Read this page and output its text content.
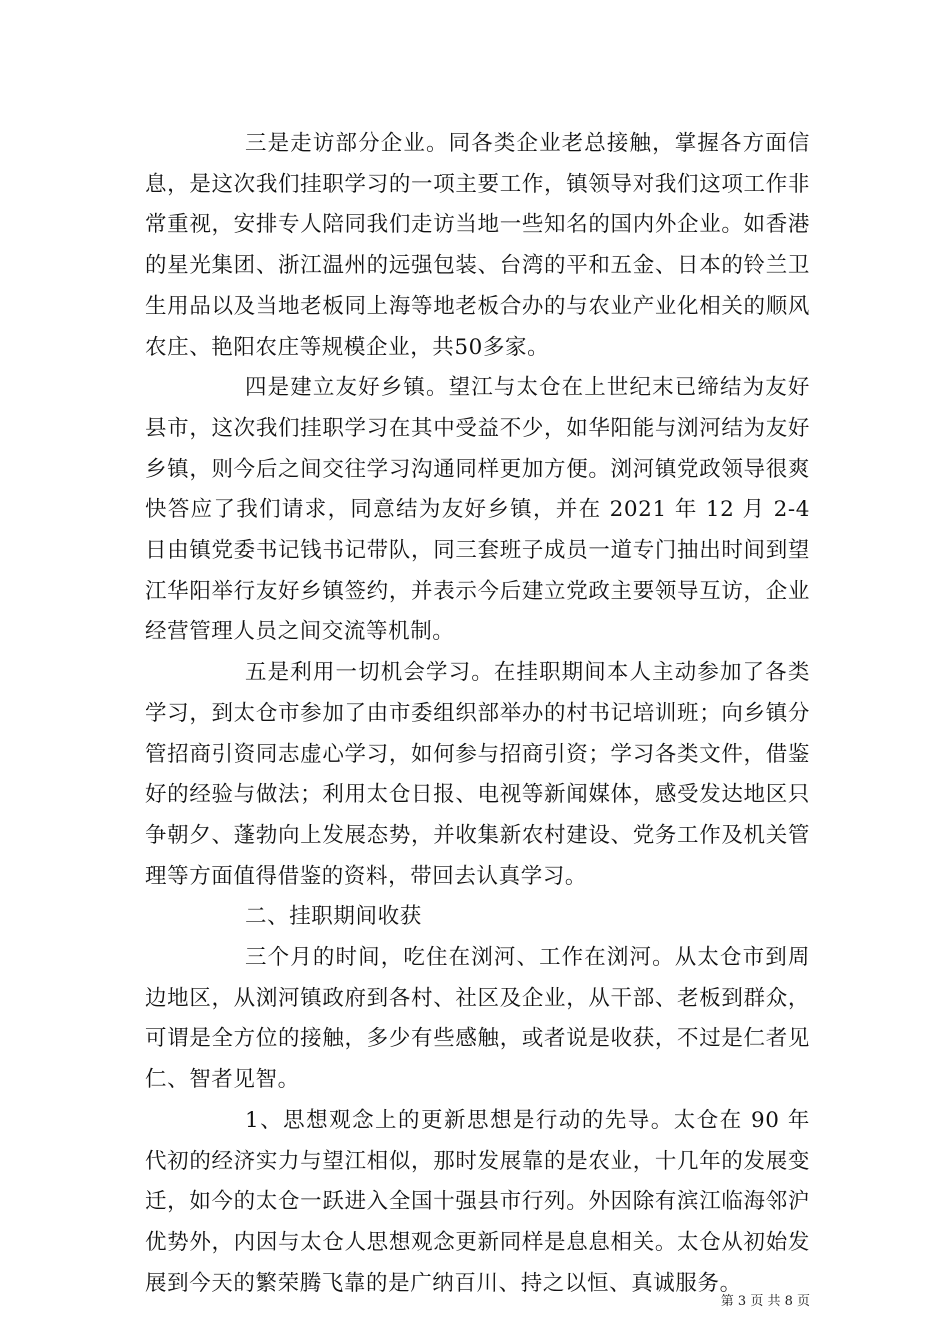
三是走访部分企业。同各类企业老总接触，掌握各方面信息，是这次我们挂职学习的一项主要工作，镇领导对我们这项工作非常重视，安排专人陪同我们走访当地一些知名的国内外企业。如香港的星光集团、浙江温州的远强包装、台湾的平和五金、日本的铃兰卫生用品以及当地老板同上海等地老板合办的与农业产业化相关的顺风农庄、艳阳农庄等规模企业，共50多家。

四是建立友好乡镇。望江与太仓在上世纪末已缔结为友好县市，这次我们挂职学习在其中受益不少，如华阳能与浏河结为友好乡镇，则今后之间交往学习沟通同样更加方便。浏河镇党政领导很爽快答应了我们请求，同意结为友好乡镇，并在 2021 年 12 月 2-4 日由镇党委书记钱书记带队，同三套班子成员一道专门抽出时间到望江华阳举行友好乡镇签约，并表示今后建立党政主要领导互访，企业经营管理人员之间交流等机制。

五是利用一切机会学习。在挂职期间本人主动参加了各类学习，到太仓市参加了由市委组织部举办的村书记培训班；向乡镇分管招商引资同志虚心学习，如何参与招商引资；学习各类文件，借鉴好的经验与做法；利用太仓日报、电视等新闻媒体，感受发达地区只争朝夕、蓬勃向上发展态势，并收集新农村建设、党务工作及机关管理等方面值得借鉴的资料，带回去认真学习。

二、挂职期间收获

三个月的时间，吃住在浏河、工作在浏河。从太仓市到周边地区，从浏河镇政府到各村、社区及企业，从干部、老板到群众，可谓是全方位的接触，多少有些感触，或者说是收获，不过是仁者见仁、智者见智。

1、思想观念上的更新思想是行动的先导。太仓在 90 年代初的经济实力与望江相似，那时发展靠的是农业，十几年的发展变迁，如今的太仓一跃进入全国十强县市行列。外因除有滨江临海邻沪优势外，内因与太仓人思想观念更新同样是息息相关。太仓从初始发展到今天的繁荣腾飞靠的是广纳百川、持之以恒、真诚服务。

第 3 页 共 8 页
